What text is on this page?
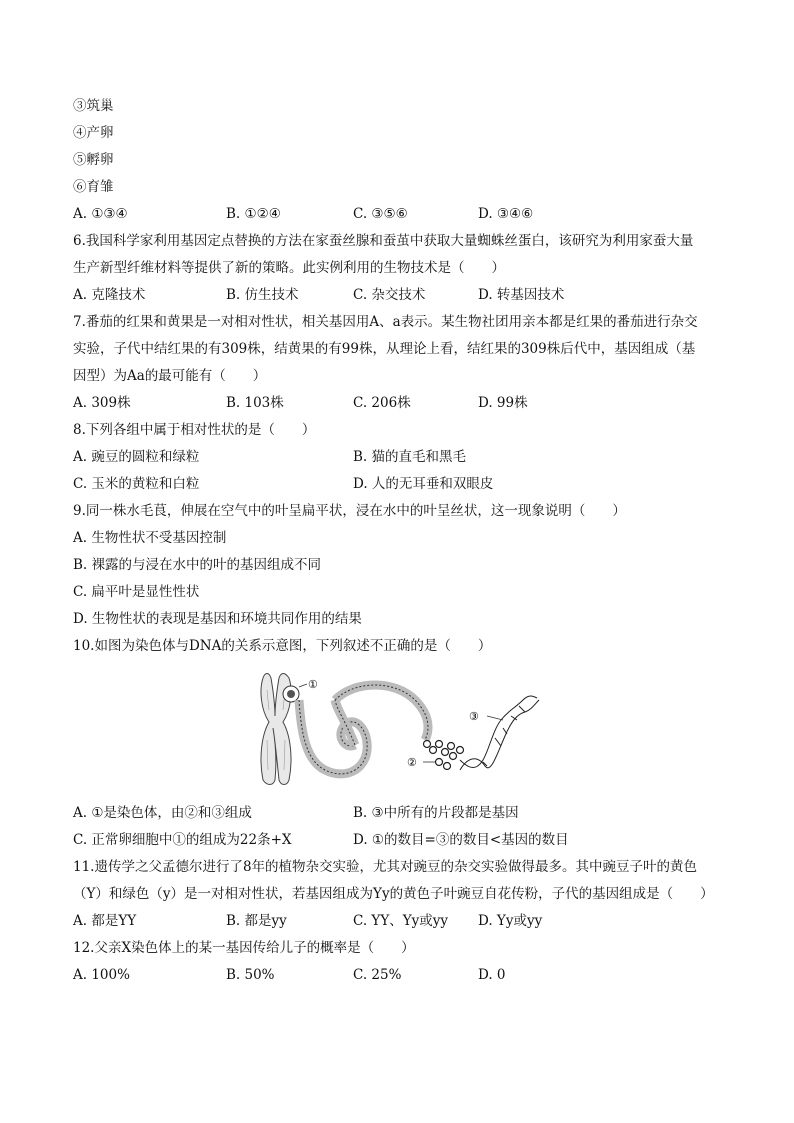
③筑巢
④产卵
⑤孵卵
⑥育雏
A. ①③④	B. ①②④	C. ③⑤⑥	D. ③④⑥
6.我国科学家利用基因定点替换的方法在家蚕丝腺和蚕茧中获取大量蜘蛛丝蛋白，该研究为利用家蚕大量
生产新型纤维材料等提供了新的策略。此实例利用的生物技术是（　　）
A. 克隆技术	B. 仿生技术	C. 杂交技术	D. 转基因技术
7.番茄的红果和黄果是一对相对性状，相关基因用A、a表示。某生物社团用亲本都是红果的番茄进行杂交
实验，子代中结红果的有309株，结黄果的有99株，从理论上看，结红果的309株后代中，基因组成（基
因型）为Aa的最可能有（　　）
A. 309株	B. 103株	C. 206株	D. 99株
8.下列各组中属于相对性状的是（　　）
A. 豌豆的圆粒和绿粒	B. 猫的直毛和黑毛
C. 玉米的黄粒和白粒	D. 人的无耳垂和双眼皮
9.同一株水毛茛，伸展在空气中的叶呈扁平状，浸在水中的叶呈丝状，这一现象说明（　　）
A. 生物性状不受基因控制
B. 裸露的与浸在水中的叶的基因组成不同
C. 扁平叶是显性性状
D. 生物性状的表现是基因和环境共同作用的结果
10.如图为染色体与DNA的关系示意图，下列叙述不正确的是（　　）
①
②
③
A. ①是染色体，由②和③组成	B. ③中所有的片段都是基因
C. 正常卵细胞中①的组成为22条+X	D. ①的数目=③的数目<基因的数目
11.遗传学之父孟德尔进行了8年的植物杂交实验，尤其对豌豆的杂交实验做得最多。其中豌豆子叶的黄色
（Y）和绿色（y）是一对相对性状，若基因组成为Yy的黄色子叶豌豆自花传粉，子代的基因组成是（　　）
A. 都是YY	B. 都是yy	C. YY、Yy或yy D. Yy或yy
12.父亲X染色体上的某一基因传给儿子的概率是（　　）
A. 100%	B. 50%	C. 25%	D. 0
